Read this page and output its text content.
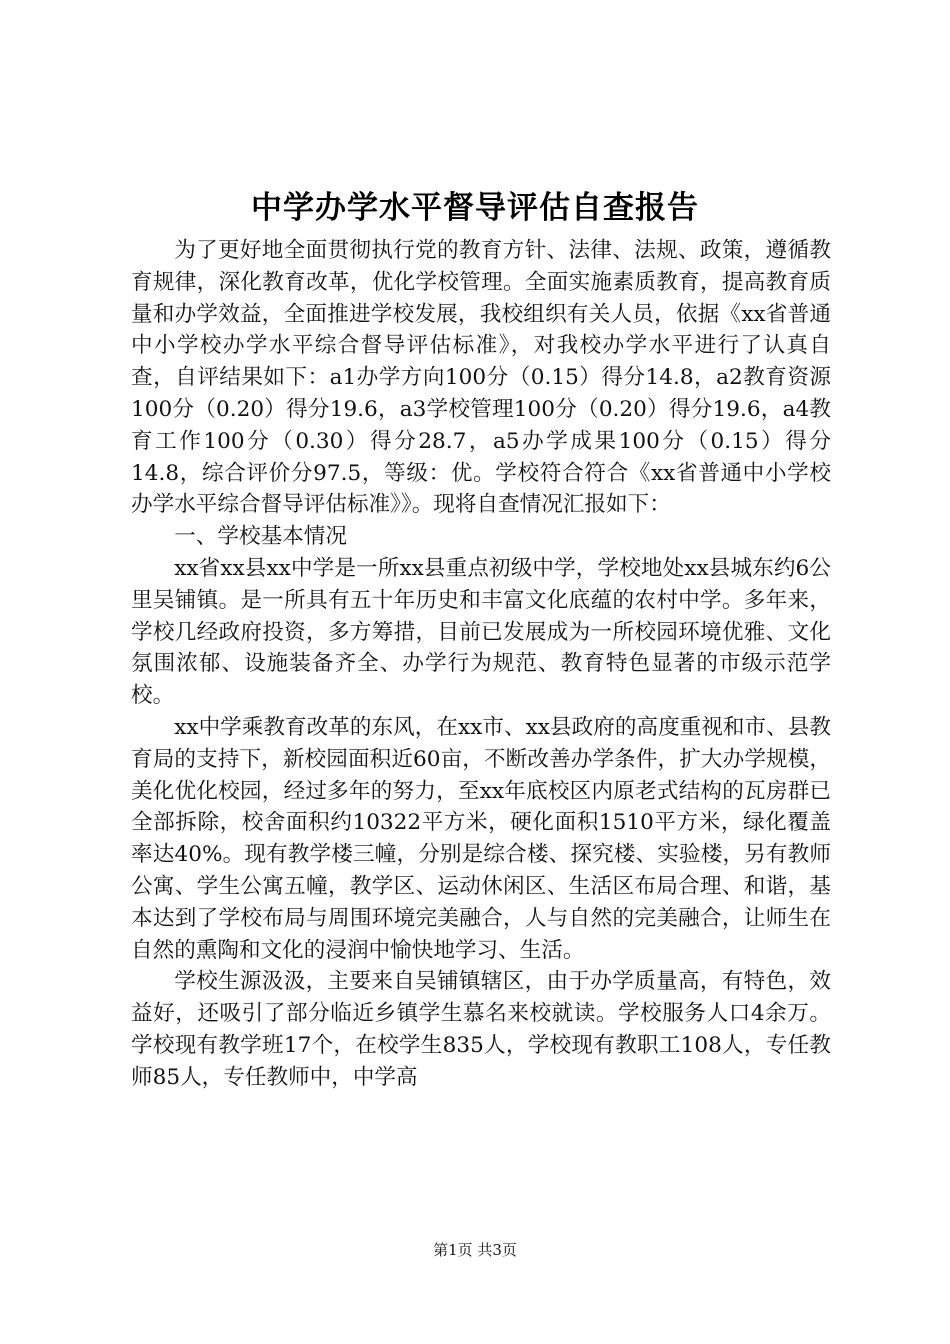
中学办学水平督导评估自查报告

为了更好地全面贯彻执行党的教育方针、法律、法规、政策，遵循教育规律，深化教育改革，优化学校管理。全面实施素质教育，提高教育质量和办学效益，全面推进学校发展，我校组织有关人员，依据《xx省普通中小学校办学水平综合督导评估标准》，对我校办学水平进行了认真自查，自评结果如下：a1办学方向100分（0.15）得分14.8，a2教育资源100分（0.20）得分19.6，a3学校管理100分（0.20）得分19.6，a4教育工作100分（0.30）得分28.7，a5办学成果100分（0.15）得分14.8，综合评价分97.5，等级：优。学校符合符合《xx省普通中小学校办学水平综合督导评估标准》》。现将自查情况汇报如下：

一、学校基本情况

xx省xx县xx中学是一所xx县重点初级中学，学校地处xx县城东约6公里吴铺镇。是一所具有五十年历史和丰富文化底蕴的农村中学。多年来，学校几经政府投资，多方筹措，目前已发展成为一所校园环境优雅、文化氛围浓郁、设施装备齐全、办学行为规范、教育特色显著的市级示范学校。

xx中学乘教育改革的东风，在xx市、xx县政府的高度重视和市、县教育局的支持下，新校园面积近60亩，不断改善办学条件，扩大办学规模，美化优化校园，经过多年的努力，至xx年底校区内原老式结构的瓦房群已全部拆除，校舍面积约10322平方米，硬化面积1510平方米，绿化覆盖率达40%。现有教学楼三幢，分别是综合楼、探究楼、实验楼，另有教师公寓、学生公寓五幢，教学区、运动休闲区、生活区布局合理、和谐，基本达到了学校布局与周围环境完美融合，人与自然的完美融合，让师生在自然的熏陶和文化的浸润中愉快地学习、生活。

学校生源汲汲，主要来自吴铺镇辖区，由于办学质量高，有特色，效益好，还吸引了部分临近乡镇学生慕名来校就读。学校服务人口4余万。学校现有教学班17个，在校学生835人，学校现有教职工108人，专任教师85人，专任教师中，中学高

第1页 共3页
